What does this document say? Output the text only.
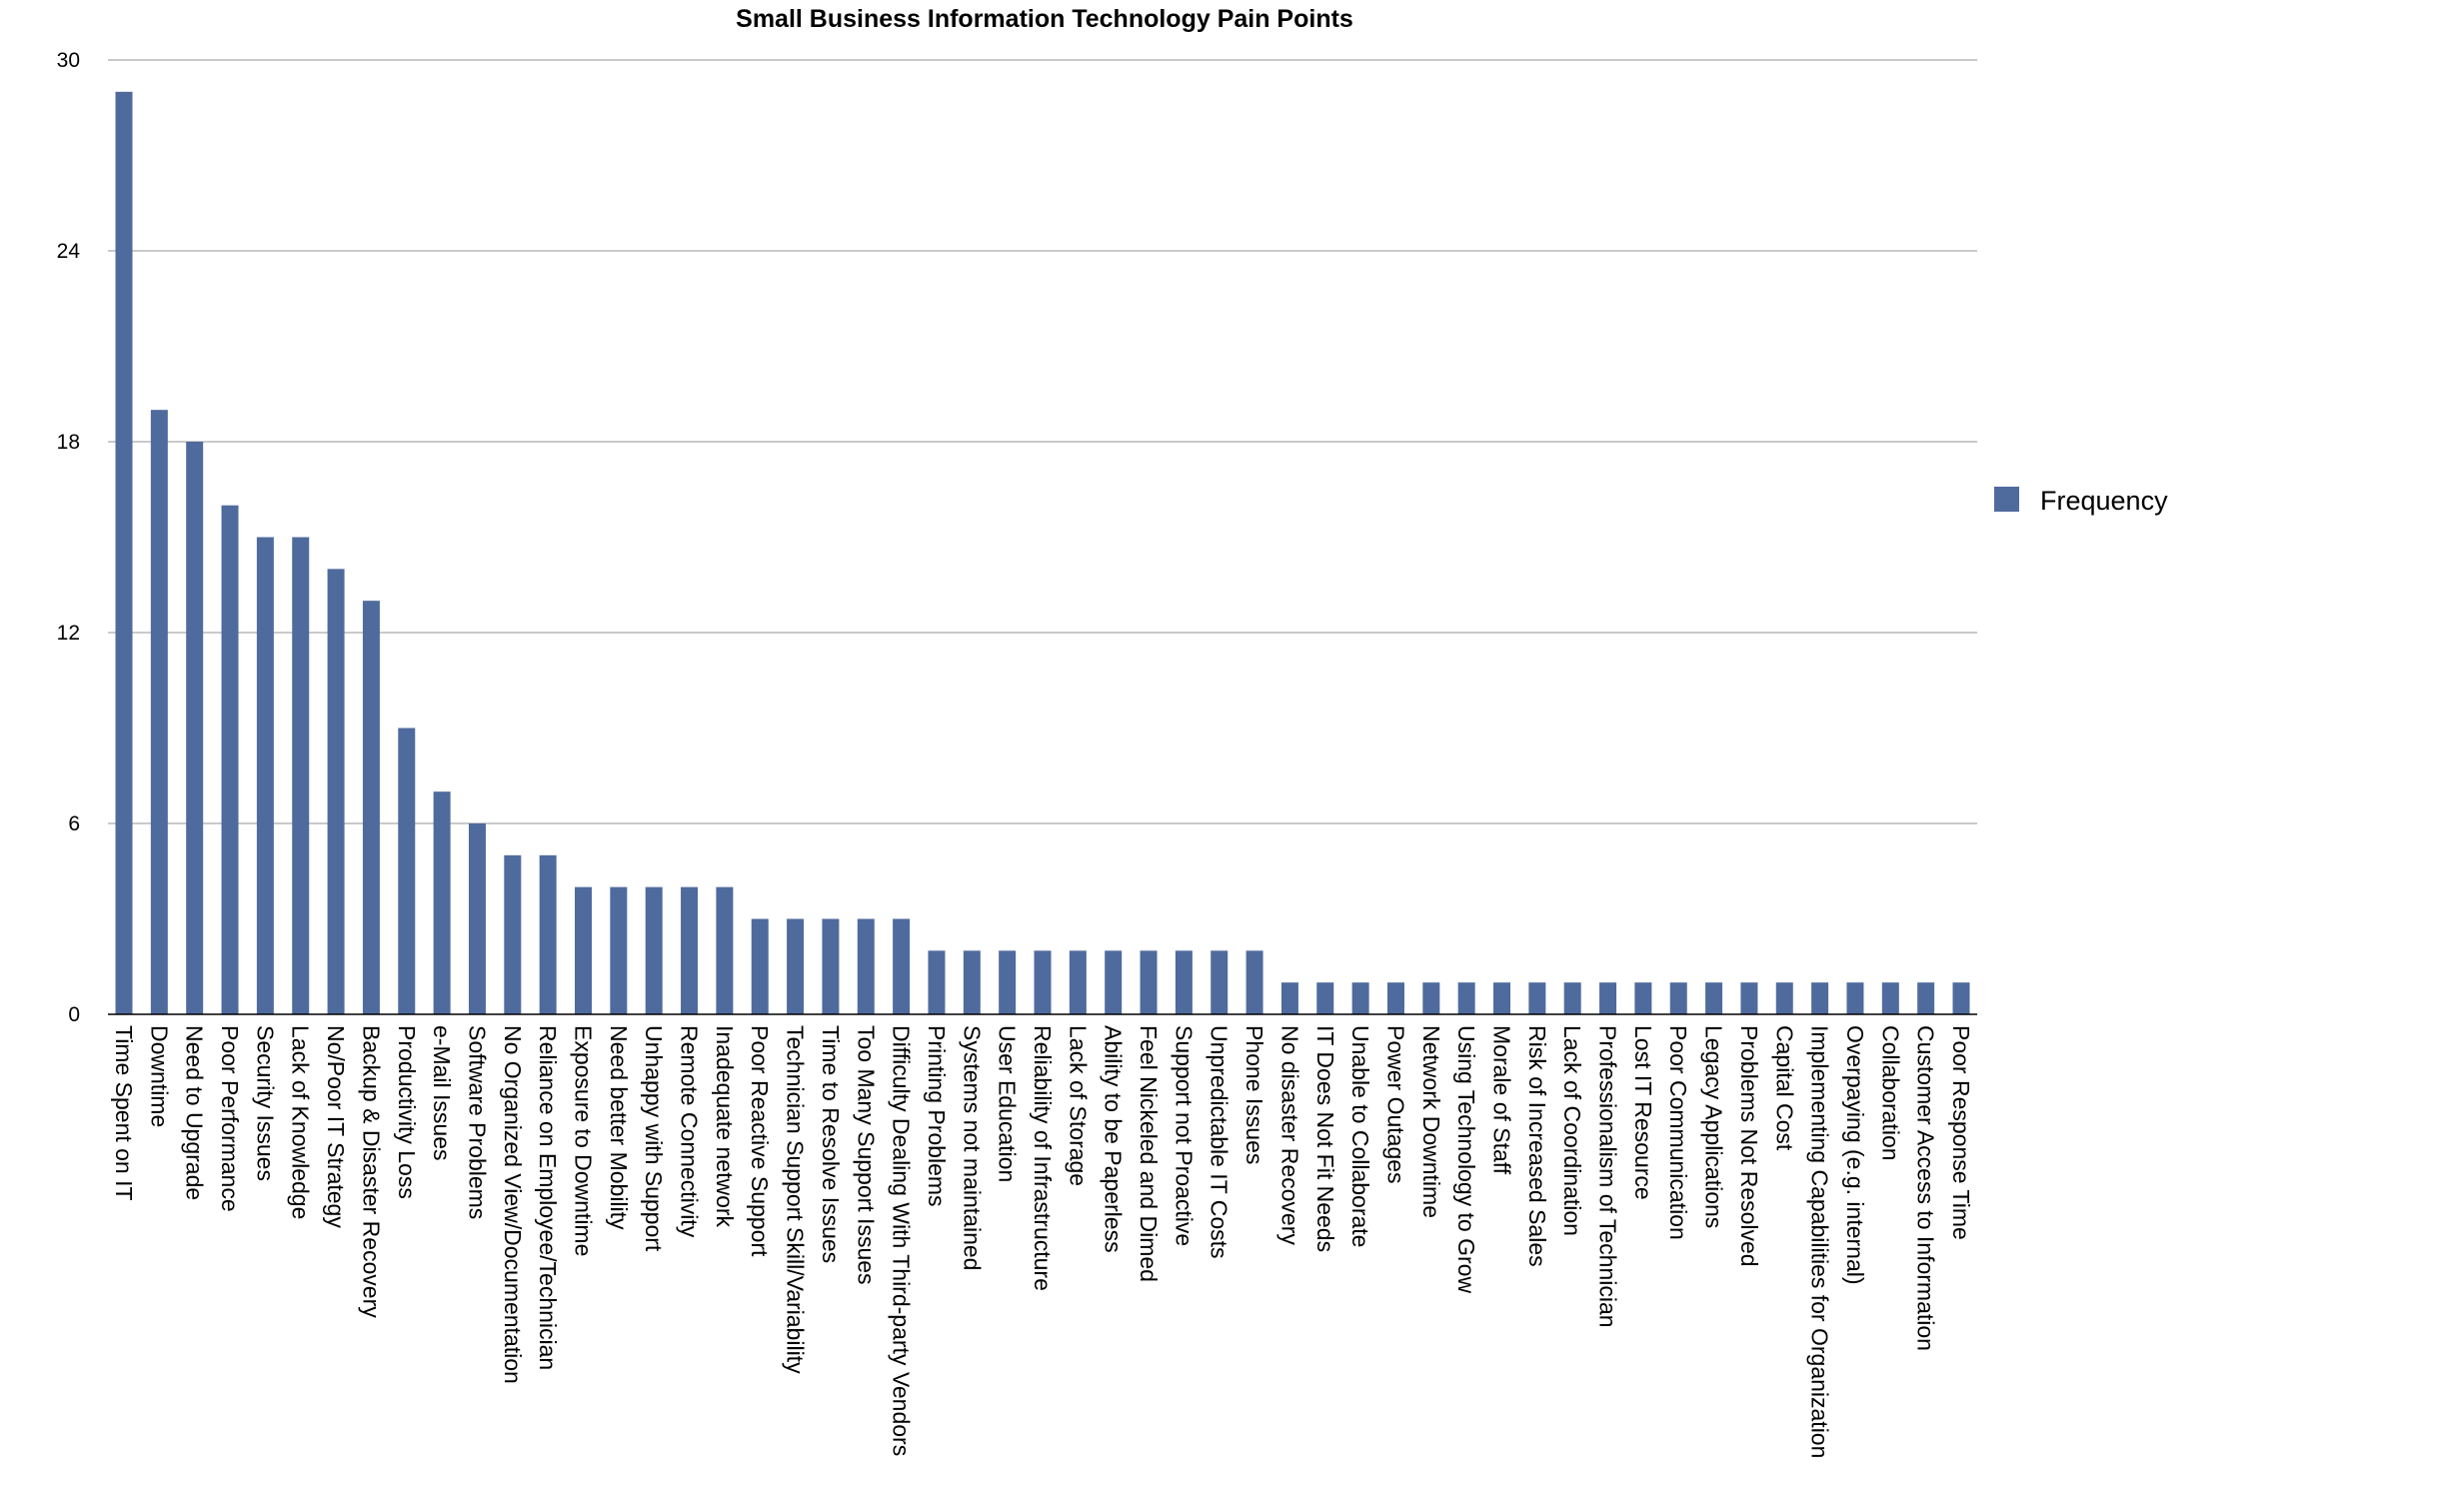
Small Business Information Technology Pain Points
0
6
12
18
24
30
Time Spent on IT Downtime Need to Upgrade Poor Performance Security Issues Lack of Knowledge No/Poor IT Strategy Backup & Disaster Recovery Productivity Loss e-Mail Issues Software Problems No Organized View/Documentation Reliance on Employee/Technician Exposure to Downtime Need better Mobility Unhappy with Support Remote Connectivity Inadequate network Poor Reactive Support Technician Support Skill/Variability Time to Resolve Issues Too Many Support Issues Difficulty Dealing With Third-party Vendors Printing Problems Systems not maintained User Education Reliability of Infrastructure Lack of Storage Ability to be Paperless Feel Nickeled and Dimed Support not Proactive Unpredictable IT Costs Phone Issues No disaster Recovery IT Does Not Fit Needs Unable to Collaborate Power Outages Network Downtime Using Technology to Grow Morale of Staff Risk of Increased Sales Lack of Coordination Professionalism of Technician Lost IT Resource Poor Communication Legacy Applications Problems Not Resolved Capital Cost Implementing Capabilities for Organization Overpaying (e.g. internal) Collaboration Customer Access to Information Poor Response Time
Frequency
